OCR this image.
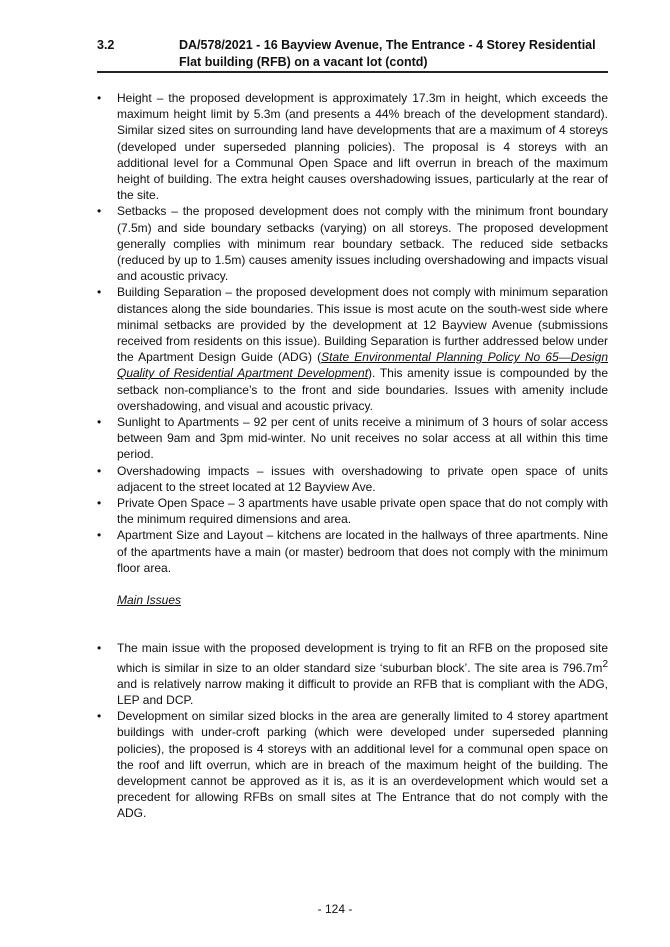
3.2	DA/578/2021 - 16 Bayview Avenue, The Entrance - 4 Storey Residential Flat building (RFB) on a vacant lot (contd)
• Height – the proposed development is approximately 17.3m in height, which exceeds the maximum height limit by 5.3m (and presents a 44% breach of the development standard). Similar sized sites on surrounding land have developments that are a maximum of 4 storeys (developed under superseded planning policies). The proposal is 4 storeys with an additional level for a Communal Open Space and lift overrun in breach of the maximum height of building. The extra height causes overshadowing issues, particularly at the rear of the site.
• Setbacks – the proposed development does not comply with the minimum front boundary (7.5m) and side boundary setbacks (varying) on all storeys. The proposed development generally complies with minimum rear boundary setback. The reduced side setbacks (reduced by up to 1.5m) causes amenity issues including overshadowing and impacts visual and acoustic privacy.
• Building Separation – the proposed development does not comply with minimum separation distances along the side boundaries. This issue is most acute on the south-west side where minimal setbacks are provided by the development at 12 Bayview Avenue (submissions received from residents on this issue). Building Separation is further addressed below under the Apartment Design Guide (ADG) (State Environmental Planning Policy No 65—Design Quality of Residential Apartment Development). This amenity issue is compounded by the setback non-compliance’s to the front and side boundaries. Issues with amenity include overshadowing, and visual and acoustic privacy.
• Sunlight to Apartments – 92 per cent of units receive a minimum of 3 hours of solar access between 9am and 3pm mid-winter. No unit receives no solar access at all within this time period.
• Overshadowing impacts – issues with overshadowing to private open space of units adjacent to the street located at 12 Bayview Ave.
• Private Open Space – 3 apartments have usable private open space that do not comply with the minimum required dimensions and area.
• Apartment Size and Layout – kitchens are located in the hallways of three apartments. Nine of the apartments have a main (or master) bedroom that does not comply with the minimum floor area.

Main Issues

• The main issue with the proposed development is trying to fit an RFB on the proposed site which is similar in size to an older standard size ‘suburban block’. The site area is $796.7m^2$ and is relatively narrow making it difficult to provide an RFB that is compliant with the ADG, LEP and DCP.
• Development on similar sized blocks in the area are generally limited to 4 storey apartment buildings with under-croft parking (which were developed under superseded planning policies), the proposed is 4 storeys with an additional level for a communal open space on the roof and lift overrun, which are in breach of the maximum height of the building. The development cannot be approved as it is, as it is an overdevelopment which would set a precedent for allowing RFBs on small sites at The Entrance that do not comply with the ADG.
- 124 -
